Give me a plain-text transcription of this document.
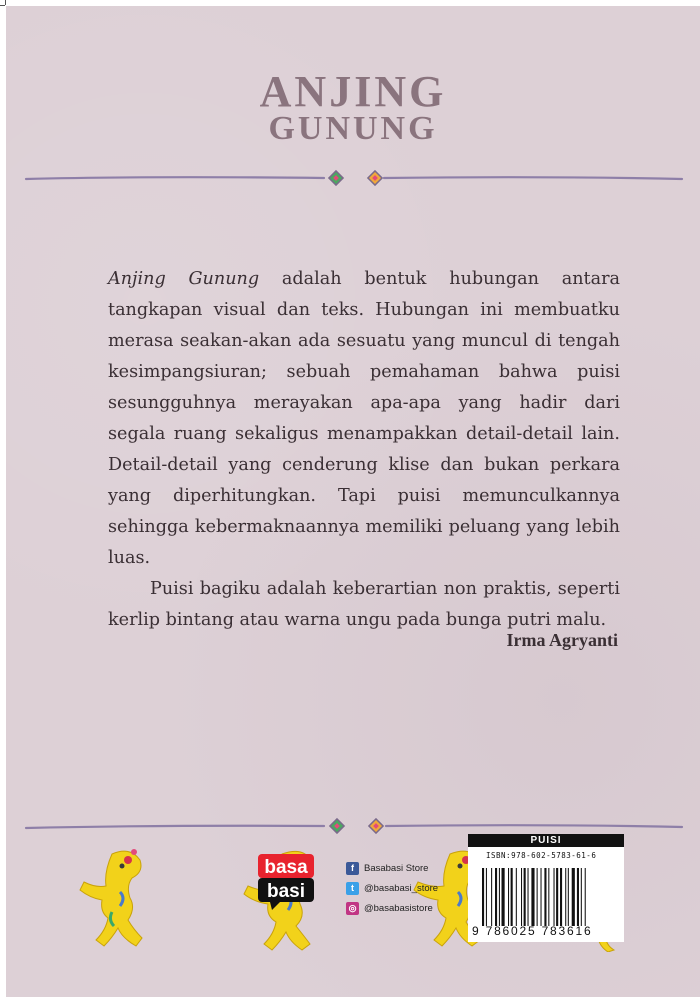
ANJING
GUNUNG

Anjing Gunung adalah bentuk hubungan antara tangkapan visual dan teks. Hubungan ini membuatku merasa seakan-akan ada sesuatu yang muncul di tengah kesimpangsiuran; sebuah pemahaman bahwa puisi sesungguhnya merayakan apa-apa yang hadir dari segala ruang sekaligus menampakkan detail-detail lain. Detail-detail yang cenderung klise dan bukan perkara yang diperhitungkan. Tapi puisi memunculkannya sehingga kebermaknaannya memiliki peluang yang lebih luas.

Puisi bagiku adalah keberartian non praktis, seperti kerlip bintang atau warna ungu pada bunga putri malu.

Irma Agryanti
basa
basi
f	Basabasi Store
t	@basabasi_store
◎ @basabasistore
PUISI
ISBN:978-602-5783-61-6
9 786025 783616
